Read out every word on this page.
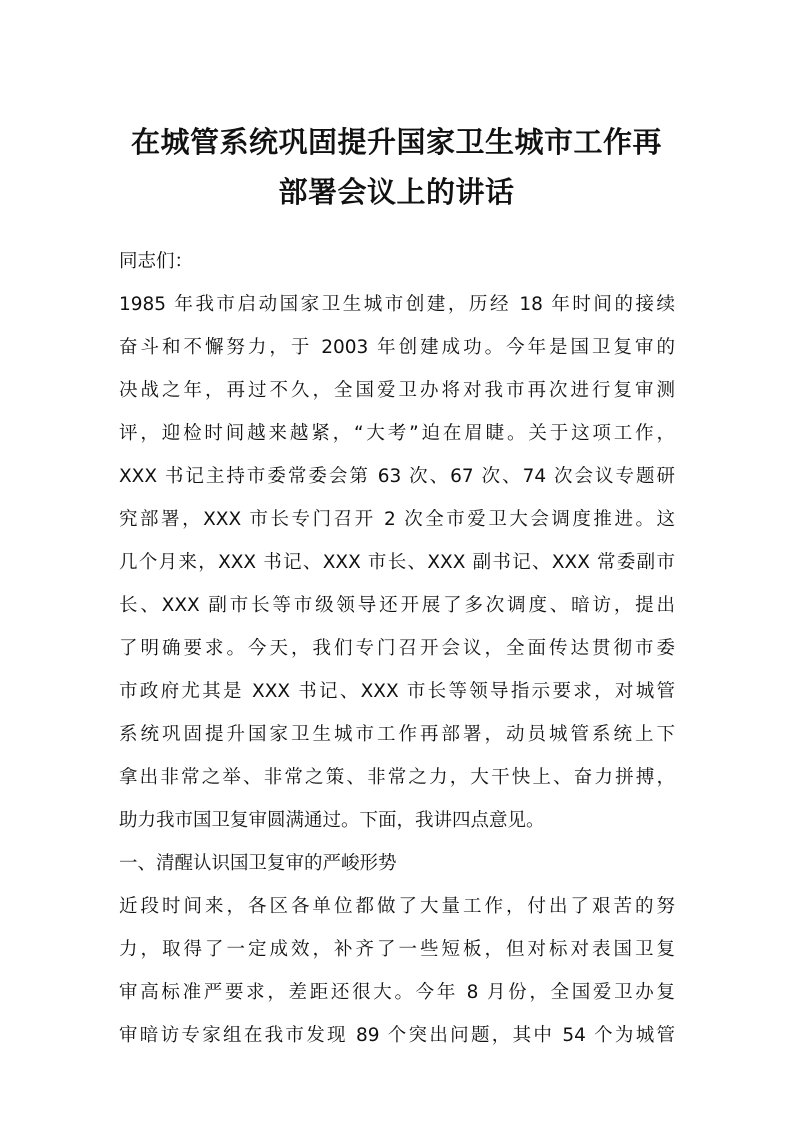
在城管系统巩固提升国家卫生城市工作再
部署会议上的讲话

同志们：

1985 年我市启动国家卫生城市创建，历经 18 年时间的接续

奋斗和不懈努力，于 2003 年创建成功。今年是国卫复审的

决战之年，再过不久，全国爱卫办将对我市再次进行复审测

评，迎检时间越来越紧，“大考”迫在眉睫。关于这项工作，

XXX 书记主持市委常委会第 63 次、67 次、74 次会议专题研

究部署，XXX 市长专门召开 2 次全市爱卫大会调度推进。这

几个月来，XXX 书记、XXX 市长、XXX 副书记、XXX 常委副市

长、XXX 副市长等市级领导还开展了多次调度、暗访，提出

了明确要求。今天，我们专门召开会议，全面传达贯彻市委

市政府尤其是 XXX 书记、XXX 市长等领导指示要求，对城管

系统巩固提升国家卫生城市工作再部署，动员城管系统上下

拿出非常之举、非常之策、非常之力，大干快上、奋力拼搏，

助力我市国卫复审圆满通过。下面，我讲四点意见。

一、清醒认识国卫复审的严峻形势

近段时间来，各区各单位都做了大量工作，付出了艰苦的努

力，取得了一定成效，补齐了一些短板，但对标对表国卫复

审高标准严要求，差距还很大。今年 8 月份，全国爱卫办复

审暗访专家组在我市发现 89 个突出问题，其中 54 个为城管
